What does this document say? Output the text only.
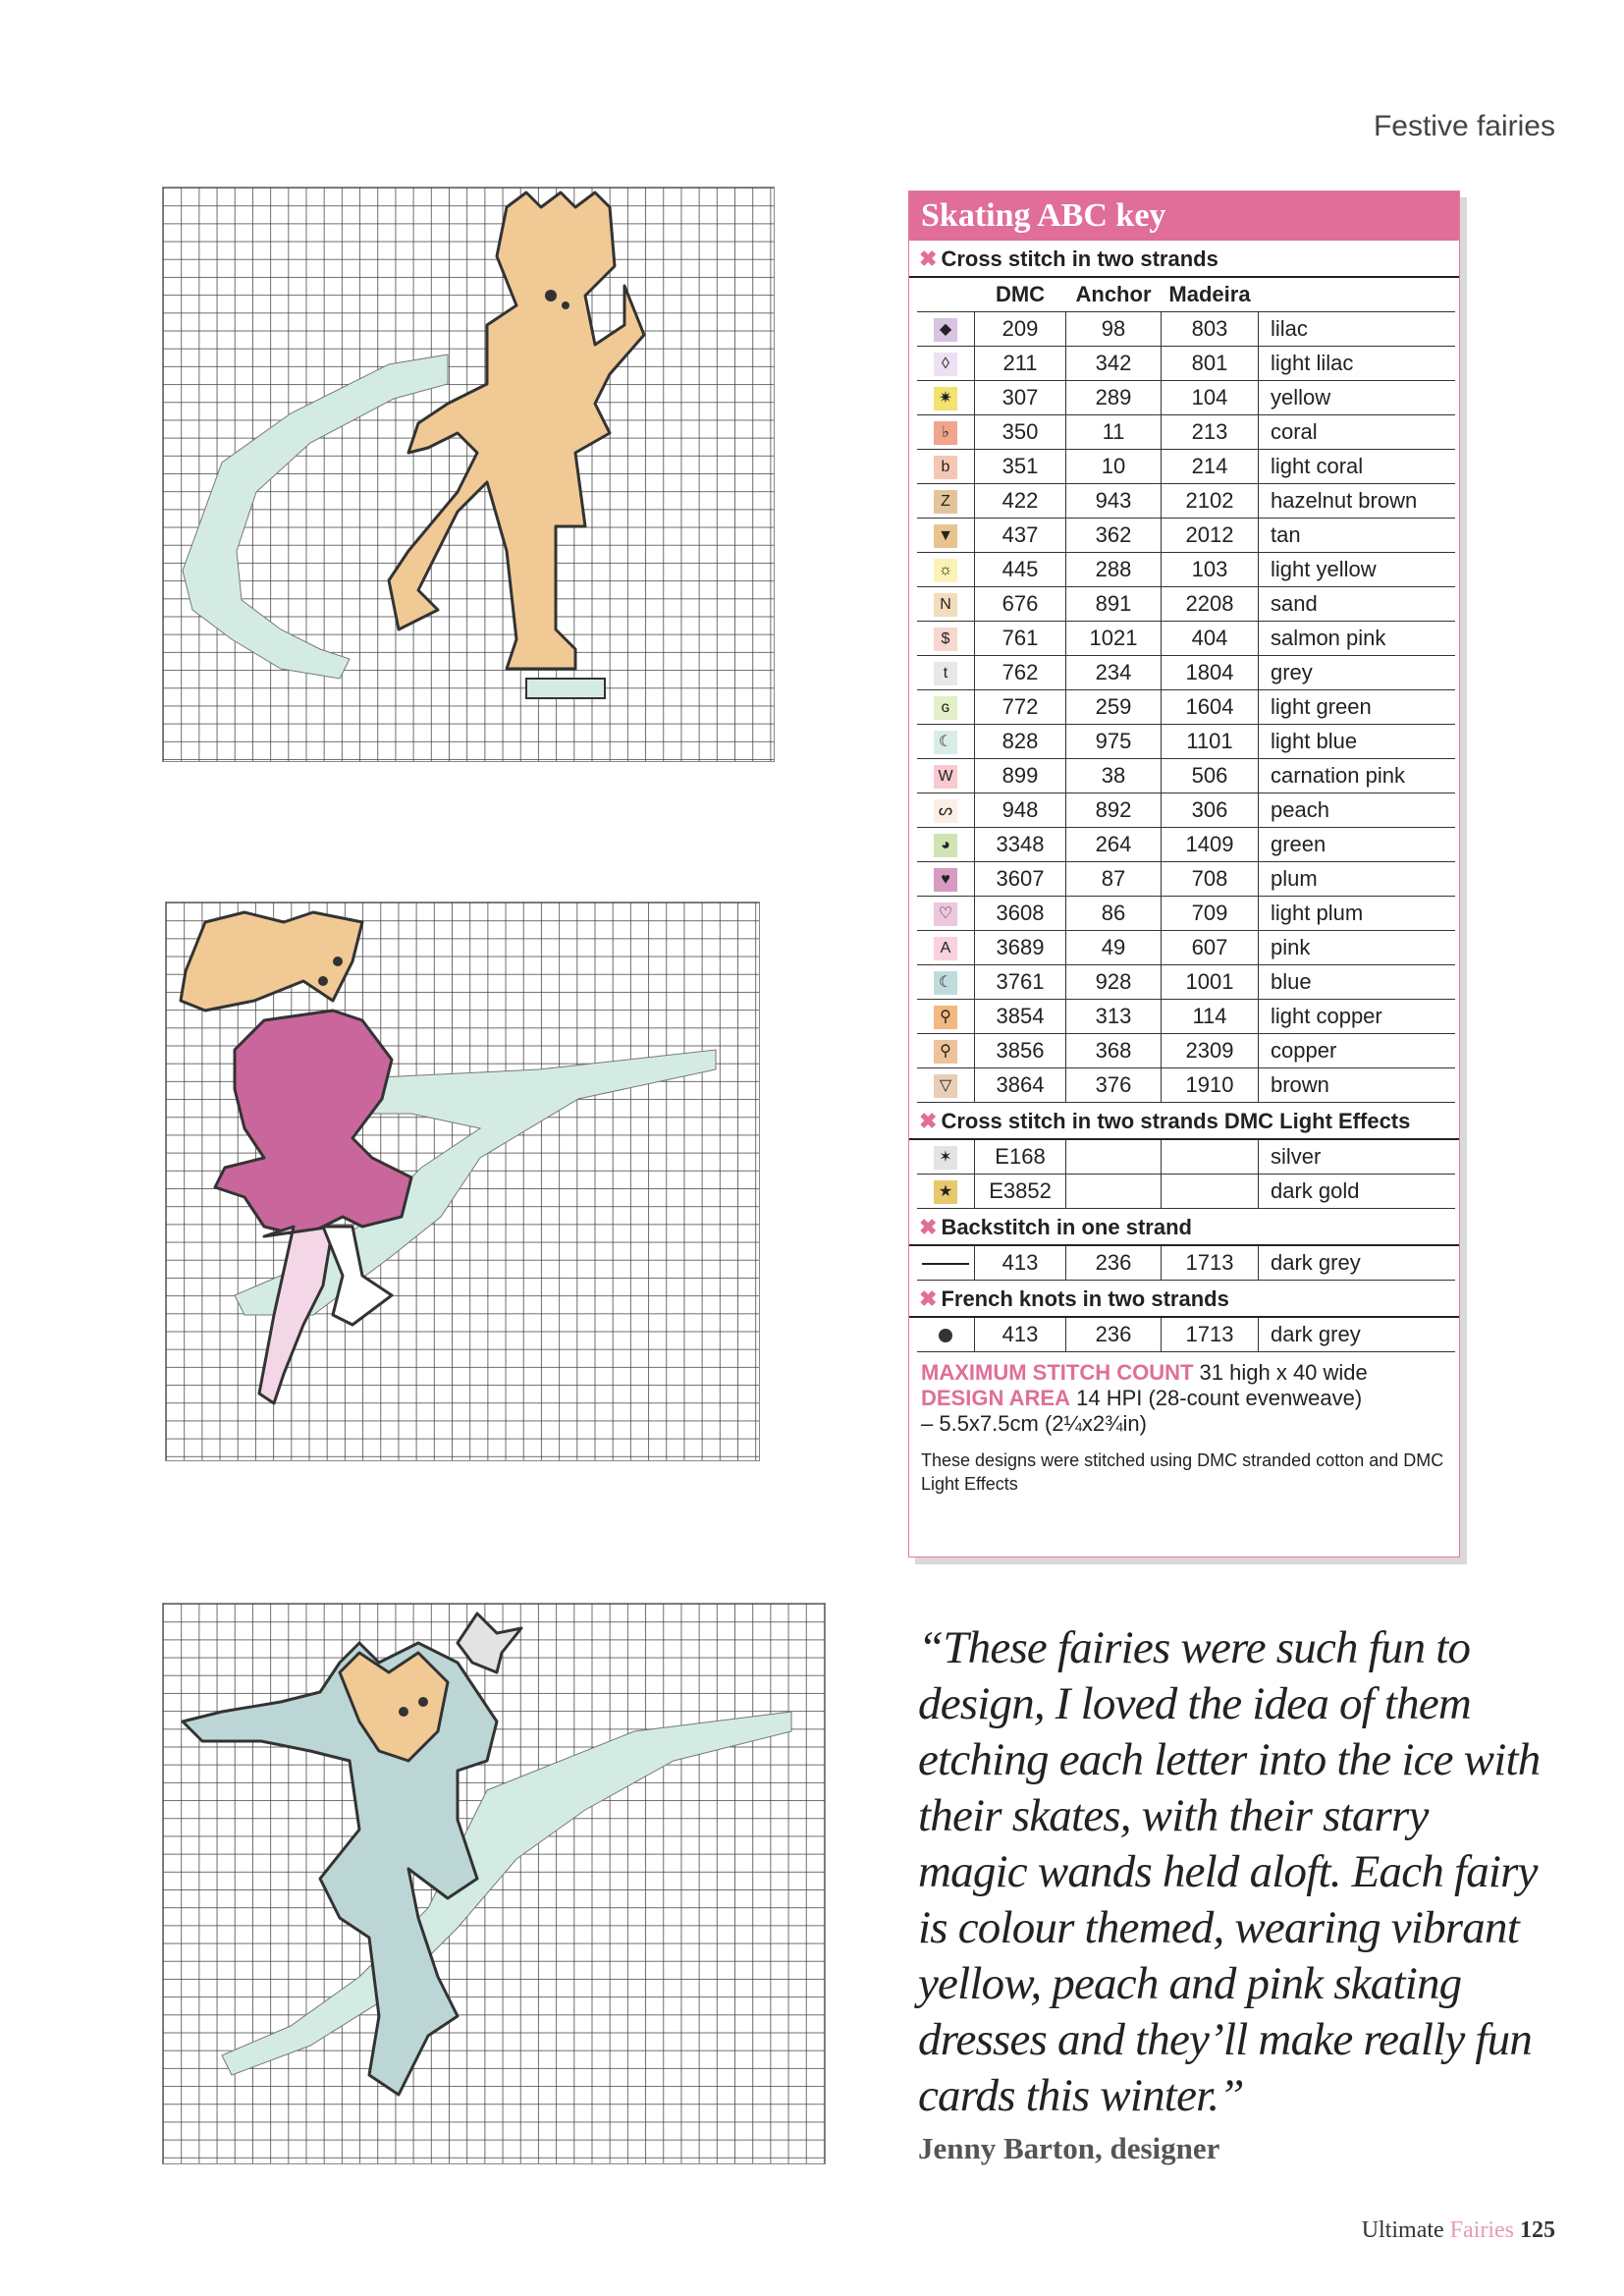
Festive fairies
Skating ABC key
✖ Cross stitch in two strands
	DMC	Anchor	Madeira	
◆	209	98	803	lilac
◊	211	342	801	light lilac
✷	307	289	104	yellow
♭	350	11	213	coral
b	351	10	214	light coral
Z	422	943	2102	hazelnut brown
▼	437	362	2012	tan
☼	445	288	103	light yellow
N	676	891	2208	sand
$	761	1021	404	salmon pink
t	762	234	1804	grey
ɢ	772	259	1604	light green
☾	828	975	1101	light blue
W	899	38	506	carnation pink
ᔕ	948	892	306	peach
◕	3348	264	1409	green
♥	3607	87	708	plum
♡	3608	86	709	light plum
A	3689	49	607	pink
☾	3761	928	1001	blue
⚲	3854	313	114	light copper
⚲	3856	368	2309	copper
▽	3864	376	1910	brown
✖ Cross stitch in two strands DMC Light Effects
✶	E168			silver
★	E3852			dark gold
✖ Backstitch in one strand
	413	236	1713	dark grey
✖ French knots in two strands
	413	236	1713	dark grey
MAXIMUM STITCH COUNT 31 high x 40 wide
DESIGN AREA 14 HPI (28-count evenweave)
– 5.5x7.5cm (2¼x2¾in)
These designs were stitched using DMC stranded cotton and DMC Light Effects
“These fairies were such fun to design, I loved the idea of them etching each letter into the ice with their skates, with their starry magic wands held aloft. Each fairy is colour themed, wearing vibrant yellow, peach and pink skating dresses and they’ll make really fun cards this winter.”
Jenny Barton, designer
Ultimate Fairies 125
